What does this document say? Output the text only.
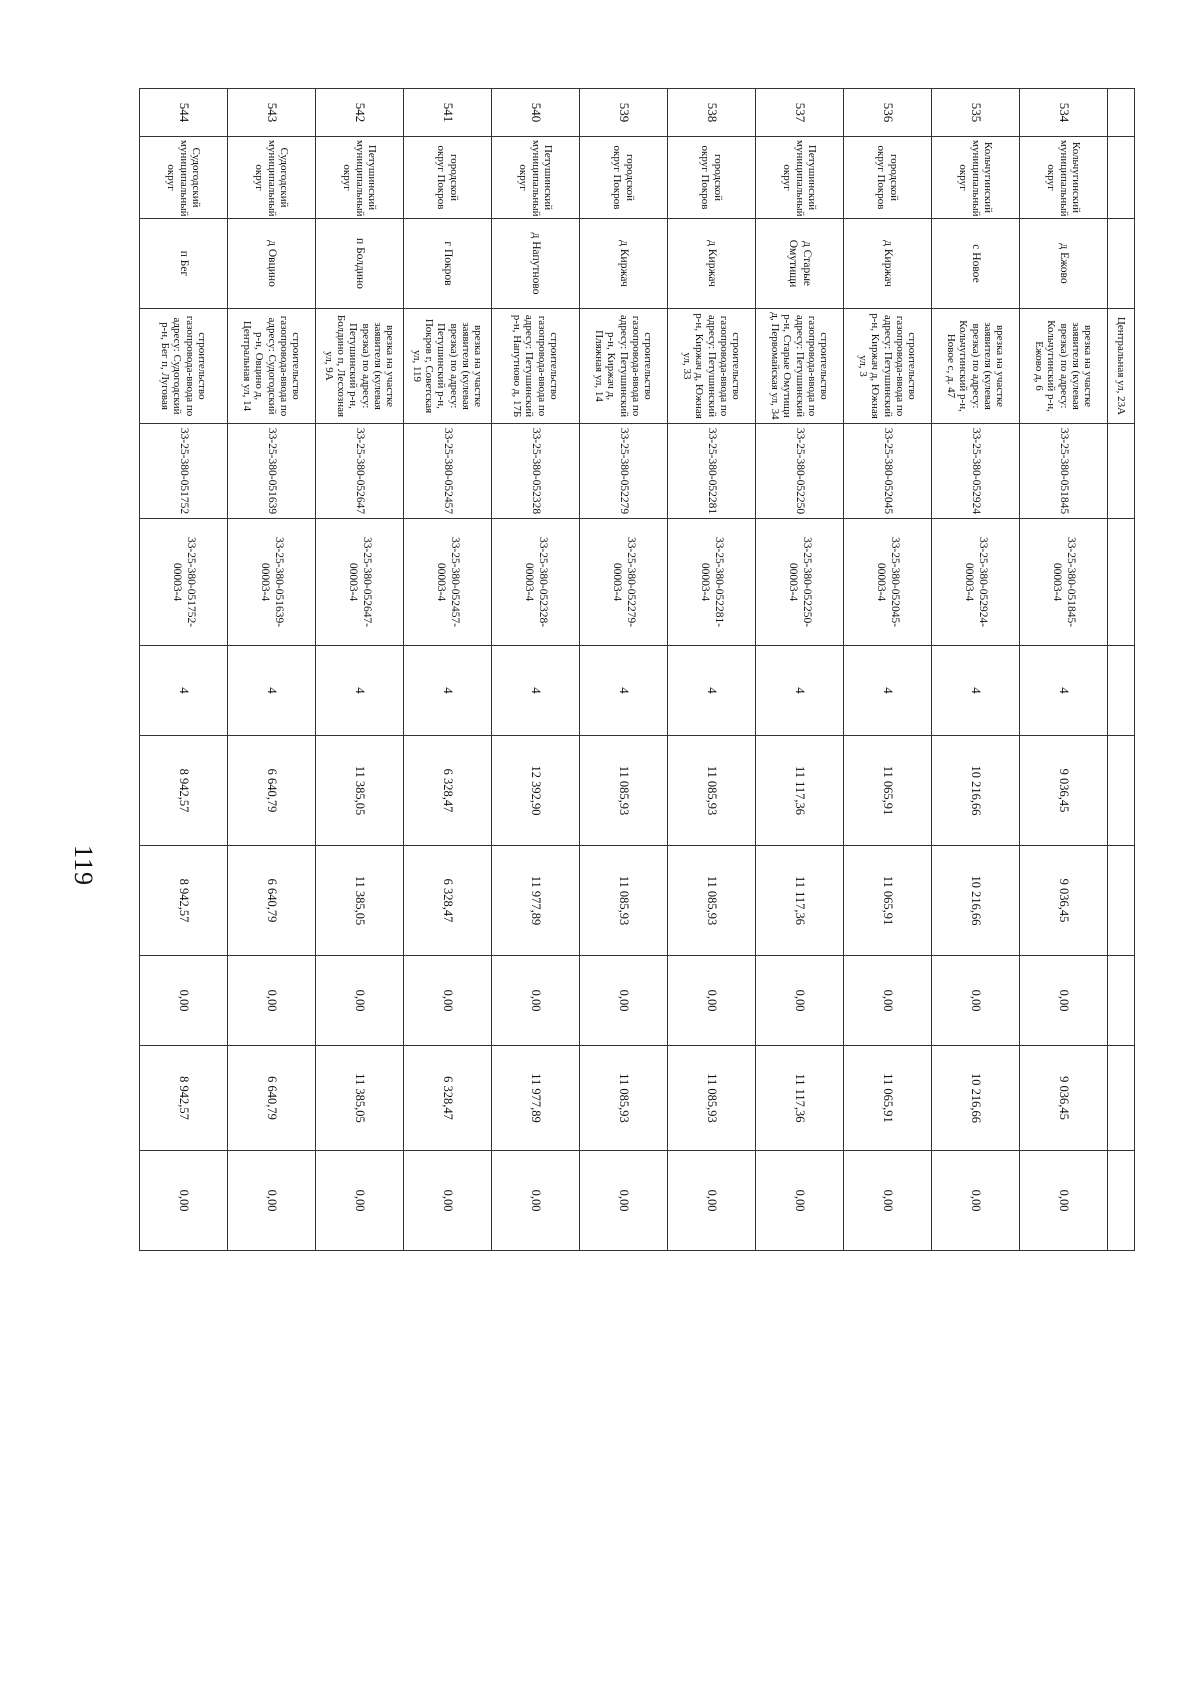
119
			Центральная ул, 23А								
534	Кольчугинский муниципальный округ	д Ежово	врезка на участке заявителя (кулевая врезка) по адресу: Кольчугинский р-н, Ежово д, 6	33-25-380-051845	33-25-380-051845-00003-4	4	9 036,45	9 036,45	0,00	9 036,45	0,00
535	Кольчугинский муниципальный округ	с Новое	врезка на участке заявителя (кулевая врезка) по адресу: Кольчугинский р-н, Новое с, д. 47	33-25-380-052924	33-25-380-052924-00003-4	4	10 216,66	10 216,66	0,00	10 216,66	0,00
536	городской округ Покров	д Киржач	строительство газопровода-ввода по адресу: Петушинский р-н, Киржач д, Южная ул, 3	33-25-380-052045	33-25-380-052045-00003-4	4	11 065,91	11 065,91	0,00	11 065,91	0,00
537	Петушинский муниципальный округ	д Старые Омутищи	строительство газопровода-ввода по адресу: Петушинский р-н, Старые Омутищи д, Первомайская ул, 34	33-25-380-052250	33-25-380-052250-00003-4	4	11 117,36	11 117,36	0,00	11 117,36	0,00
538	городской округ Покров	д Киржач	строительство газопровода-ввода по адресу: Петушинский р-н, Киржач д, Южная ул, 33	33-25-380-052281	33-25-380-052281-00003-4	4	11 085,93	11 085,93	0,00	11 085,93	0,00
539	городской округ Покров	д Киржач	строительство газопровода-ввода по адресу: Петушинский р-н, Киржач д, Пляжная ул, 14	33-25-380-052279	33-25-380-052279-00003-4	4	11 085,93	11 085,93	0,00	11 085,93	0,00
540	Петушинский муниципальный округ	д Напутново	строительство газопровода-ввода по адресу: Петушинский р-н, Напутново д, 17Б	33-25-380-052328	33-25-380-052328-00003-4	4	12 392,90	11 977,89	0,00	11 977,89	0,00
541	городской округ Покров	г Покров	врезка на участке заявителя (кулевая врезка) по адресу: Петушинский р-н, Покров г, Советская ул, 119	33-25-380-052457	33-25-380-052457-00003-4	4	6 328,47	6 328,47	0,00	6 328,47	0,00
542	Петушинский муниципальный округ	п Болдино	врезка на участке заявителя (кулевая врезка) по адресу: Петушинский р-н, Болдино п, Лесхозная ул, 9А	33-25-380-052647	33-25-380-052647-00003-4	4	11 385,05	11 385,05	0,00	11 385,05	0,00
543	Судогодский муниципальный округ	д Овцино	строительство газопровода-ввода по адресу: Судогодский р-н, Овцино д, Центральная ул, 14	33-25-380-051639	33-25-380-051639-00003-4	4	6 640,79	6 640,79	0,00	6 640,79	0,00
544	Судогодский муниципальный округ	п Бег	строительство газопровода-ввода по адресу: Судогодский р-н, Бег п, Луговая	33-25-380-051752	33-25-380-051752-00003-4	4	8 942,57	8 942,57	0,00	8 942,57	0,00
